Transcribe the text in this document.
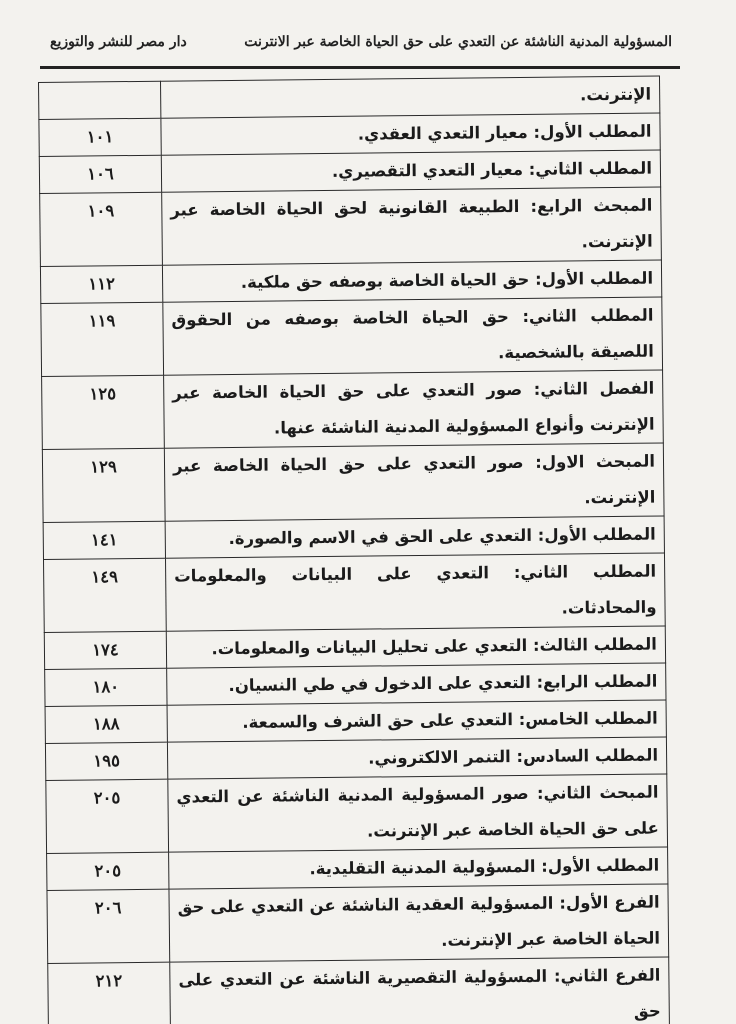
المسؤولية المدنية الناشئة عن التعدي على حق الحياة الخاصة عبر الانترنت
دار مصر للنشر والتوزيع
الإنترنت.	
المطلب الأول: معيار التعدي العقدي.	١٠١
المطلب الثاني: معيار التعدي التقصيري.	١٠٦
المبحث الرابع: الطبيعة القانونية لحق الحياة الخاصة عبر الإنترنت.	١٠٩
المطلب الأول: حق الحياة الخاصة بوصفه حق ملكية.	١١٢
المطلب الثاني: حق الحياة الخاصة بوصفه من الحقوق اللصيقة بالشخصية.	١١٩
الفصل الثاني: صور التعدي على حق الحياة الخاصة عبر الإنترنت وأنواع المسؤولية المدنية الناشئة عنها.	١٢٥
المبحث الاول: صور التعدي على حق الحياة الخاصة عبر الإنترنت.	١٢٩
المطلب الأول: التعدي على الحق في الاسم والصورة.	١٤١
المطلب الثاني: التعدي على البيانات والمعلومات والمحادثات.	١٤٩
المطلب الثالث: التعدي على تحليل البيانات والمعلومات.	١٧٤
المطلب الرابع: التعدي على الدخول في طي النسيان.	١٨٠
المطلب الخامس: التعدي على حق الشرف والسمعة.	١٨٨
المطلب السادس: التنمر الالكتروني.	١٩٥
المبحث الثاني: صور المسؤولية المدنية الناشئة عن التعدي على حق الحياة الخاصة عبر الإنترنت.	٢٠٥
المطلب الأول: المسؤولية المدنية التقليدية.	٢٠٥
الفرع الأول: المسؤولية العقدية الناشئة عن التعدي على حق الحياة الخاصة عبر الإنترنت.	٢٠٦
الفرع الثاني: المسؤولية التقصيرية الناشئة عن التعدي على حق	٢١٢
